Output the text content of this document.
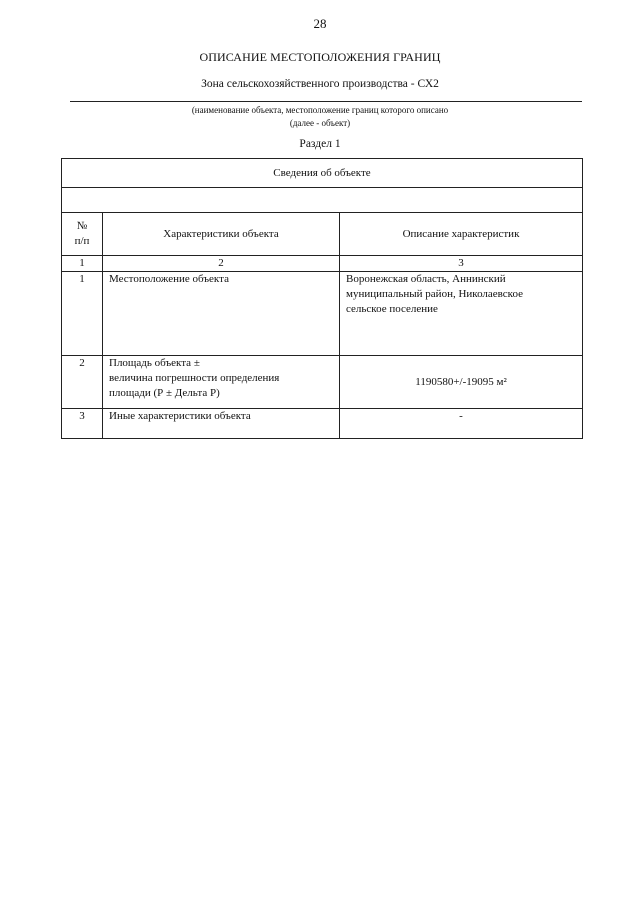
28
ОПИСАНИЕ МЕСТОПОЛОЖЕНИЯ ГРАНИЦ
Зона сельскохозяйственного производства - СХ2
(наименование объекта, местоположение границ которого описано
(далее - объект)
Раздел 1
Сведения об объекте		

№
п/п	Характеристики объекта	Описание характеристик
1	2	3
1	Местоположение объекта	Воронежская область, Аннинский
муниципальный район, Николаевское
сельское поселение

2	Площадь объекта ±
величина погрешности определения
площади (Р ± Дельта Р)	1190580+/-19095 м²
3	Иные характеристики объекта	-
